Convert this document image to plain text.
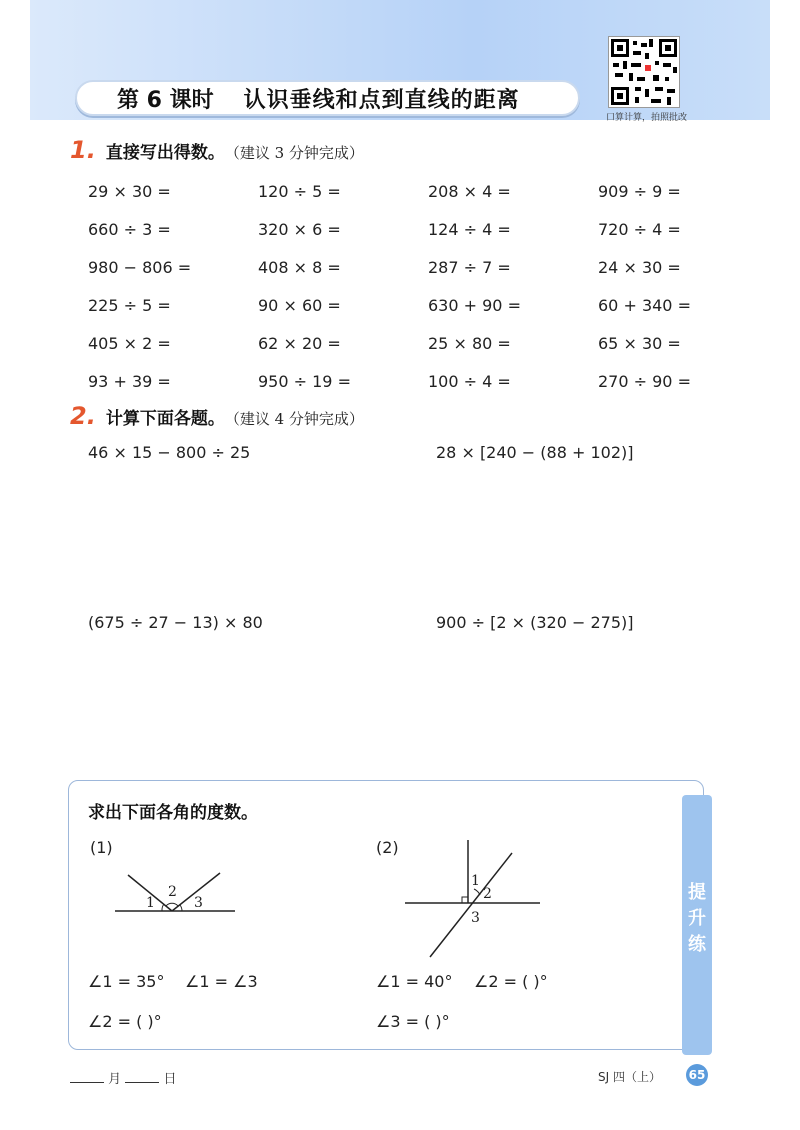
第 6 课时 认识垂线和点到直线的距离
口算计算，拍照批改
1. 直接写出得数。 （建议 3 分钟完成）
29 × 30 =	120 ÷ 5 =	208 × 4 =	909 ÷ 9 =
660 ÷ 3 =	320 × 6 =	124 ÷ 4 =	720 ÷ 4 =
980 − 806 =	408 × 8 =	287 ÷ 7 =	24 × 30 =
225 ÷ 5 =	90 × 60 =	630 + 90 =	60 + 340 =
405 × 2 =	62 × 20 =	25 × 80 =	65 × 30 =
93 + 39 =	950 ÷ 19 =	100 ÷ 4 =	270 ÷ 90 =
2. 计算下面各题。 （建议 4 分钟完成）
46 × 15 − 800 ÷ 25	28 × [240 − (88 + 102)]
(675 ÷ 27 − 13) × 80	900 ÷ [2 × (320 − 275)]
提升练
求出下面各角的度数。
(1)
1
2
3
∠1 = 35° ∠1 = ∠3
∠2 = ( )°
(2)
1
2
3
∠1 = 40° ∠2 = ( )°
∠3 = ( )°
月	日	SJ 四（上） 65
